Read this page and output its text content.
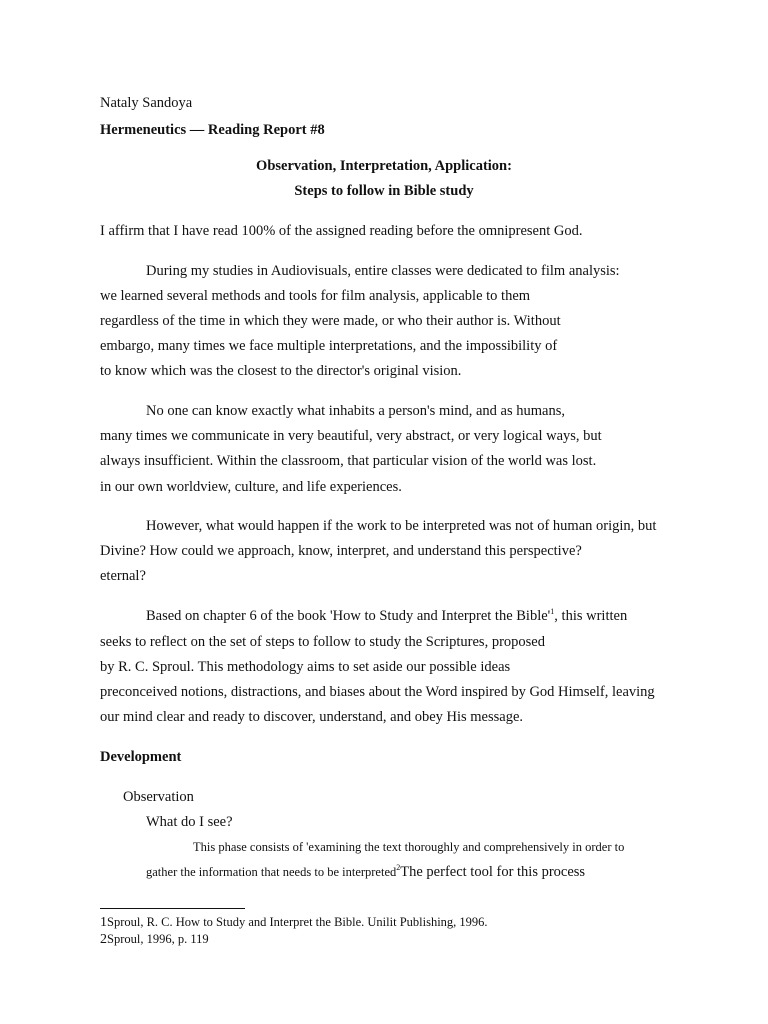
Nataly Sandoya
Hermeneutics — Reading Report #8
Observation, Interpretation, Application:
Steps to follow in Bible study
I affirm that I have read 100% of the assigned reading before the omnipresent God.
During my studies in Audiovisuals, entire classes were dedicated to film analysis:
we learned several methods and tools for film analysis, applicable to them
regardless of the time in which they were made, or who their author is. Without
embargo, many times we face multiple interpretations, and the impossibility of
to know which was the closest to the director's original vision.
No one can know exactly what inhabits a person's mind, and as humans,
many times we communicate in very beautiful, very abstract, or very logical ways, but
always insufficient. Within the classroom, that particular vision of the world was lost.
in our own worldview, culture, and life experiences.
However, what would happen if the work to be interpreted was not of human origin, but
Divine? How could we approach, know, interpret, and understand this perspective?
eternal?
Based on chapter 6 of the book 'How to Study and Interpret the $Bible'^1$, this written
seeks to reflect on the set of steps to follow to study the Scriptures, proposed
by R. C. Sproul. This methodology aims to set aside our possible ideas
preconceived notions, distractions, and biases about the Word inspired by God Himself, leaving
our mind clear and ready to discover, understand, and obey His message.
Development
Observation
What do I see?
This phase consists of 'examining the text thoroughly and comprehensively in order to
gather the information that needs to be interpreted$^2$The perfect tool for this process
1Sproul, R. C. How to Study and Interpret the Bible. Unilit Publishing, 1996.
2Sproul, 1996, p. 119
